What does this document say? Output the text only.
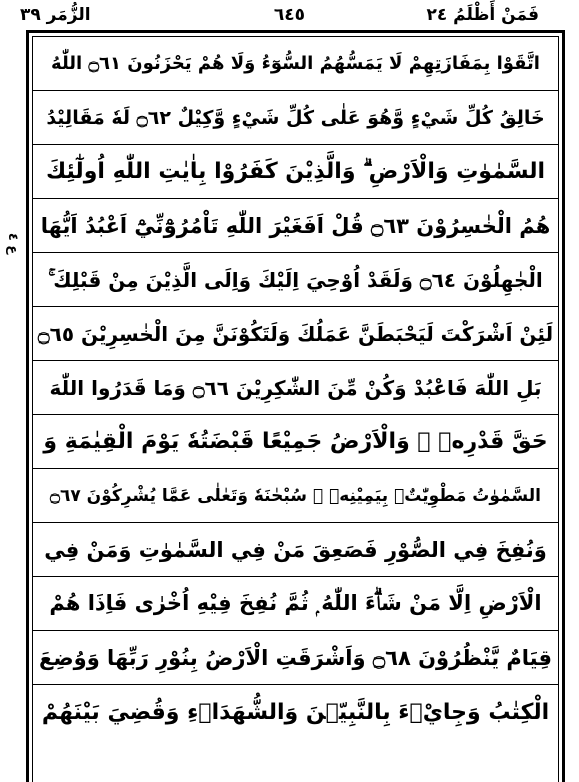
الزُّمَر ٣٩	٦٤٥	فَمَنْ أَظْلَمُ ٢٤
ع ٤
اتَّقَوْا بِمَفَازَتِهِمْ لَا يَمَسُّهُمُ السُّوٓءُ وَلَا هُمْ يَحْزَنُونَ ۝٦١ اللّٰهُ
خَالِقُ كُلِّ شَيْءٍ وَّهُوَ عَلٰى كُلِّ شَيْءٍ وَّكِيْلٌ ۝٦٢ لَهٗ مَقَالِيْدُ
السَّمٰوٰتِ وَالْاَرْضِ ۗ وَالَّذِيْنَ كَفَرُوْا بِاٰيٰتِ اللّٰهِ اُولٰٓئِكَ
هُمُ الْخٰسِرُوْنَ ۝٦٣ قُلْ اَفَغَيْرَ اللّٰهِ تَاْمُرُوْٓنِّيْٓ اَعْبُدُ اَيُّهَا
الْجٰهِلُوْنَ ۝٦٤ وَلَقَدْ اُوْحِيَ اِلَيْكَ وَاِلَى الَّذِيْنَ مِنْ قَبْلِكَ ۚ
لَئِنْ اَشْرَكْتَ لَيَحْبَطَنَّ عَمَلُكَ وَلَتَكُوْنَنَّ مِنَ الْخٰسِرِيْنَ ۝٦٥
بَلِ اللّٰهَ فَاعْبُدْ وَكُنْ مِّنَ الشّٰكِرِيْنَ ۝٦٦ وَمَا قَدَرُوا اللّٰهَ
حَقَّ قَدْرِهٖ ۖ وَالْاَرْضُ جَمِيْعًا قَبْضَتُهٗ يَوْمَ الْقِيٰمَةِ وَ
السَّمٰوٰتُ مَطْوِيّٰتٌۢ بِيَمِيْنِهٖ ۭ سُبْحٰنَهٗ وَتَعٰلٰى عَمَّا يُشْرِكُوْنَ ۝٦٧
وَنُفِخَ فِي الصُّوْرِ فَصَعِقَ مَنْ فِي السَّمٰوٰتِ وَمَنْ فِي
الْاَرْضِ اِلَّا مَنْ شَاۗءَ اللّٰهُ ۭ ثُمَّ نُفِخَ فِيْهِ اُخْرٰى فَاِذَا هُمْ
قِيَامٌ يَّنْظُرُوْنَ ۝٦٨ وَاَشْرَقَتِ الْاَرْضُ بِنُوْرِ رَبِّهَا وَوُضِعَ
الْكِتٰبُ وَجِايْۗءَ بِالنَّبِيّٖنَ وَالشُّهَدَاۗءِ وَقُضِيَ بَيْنَهُمْ
